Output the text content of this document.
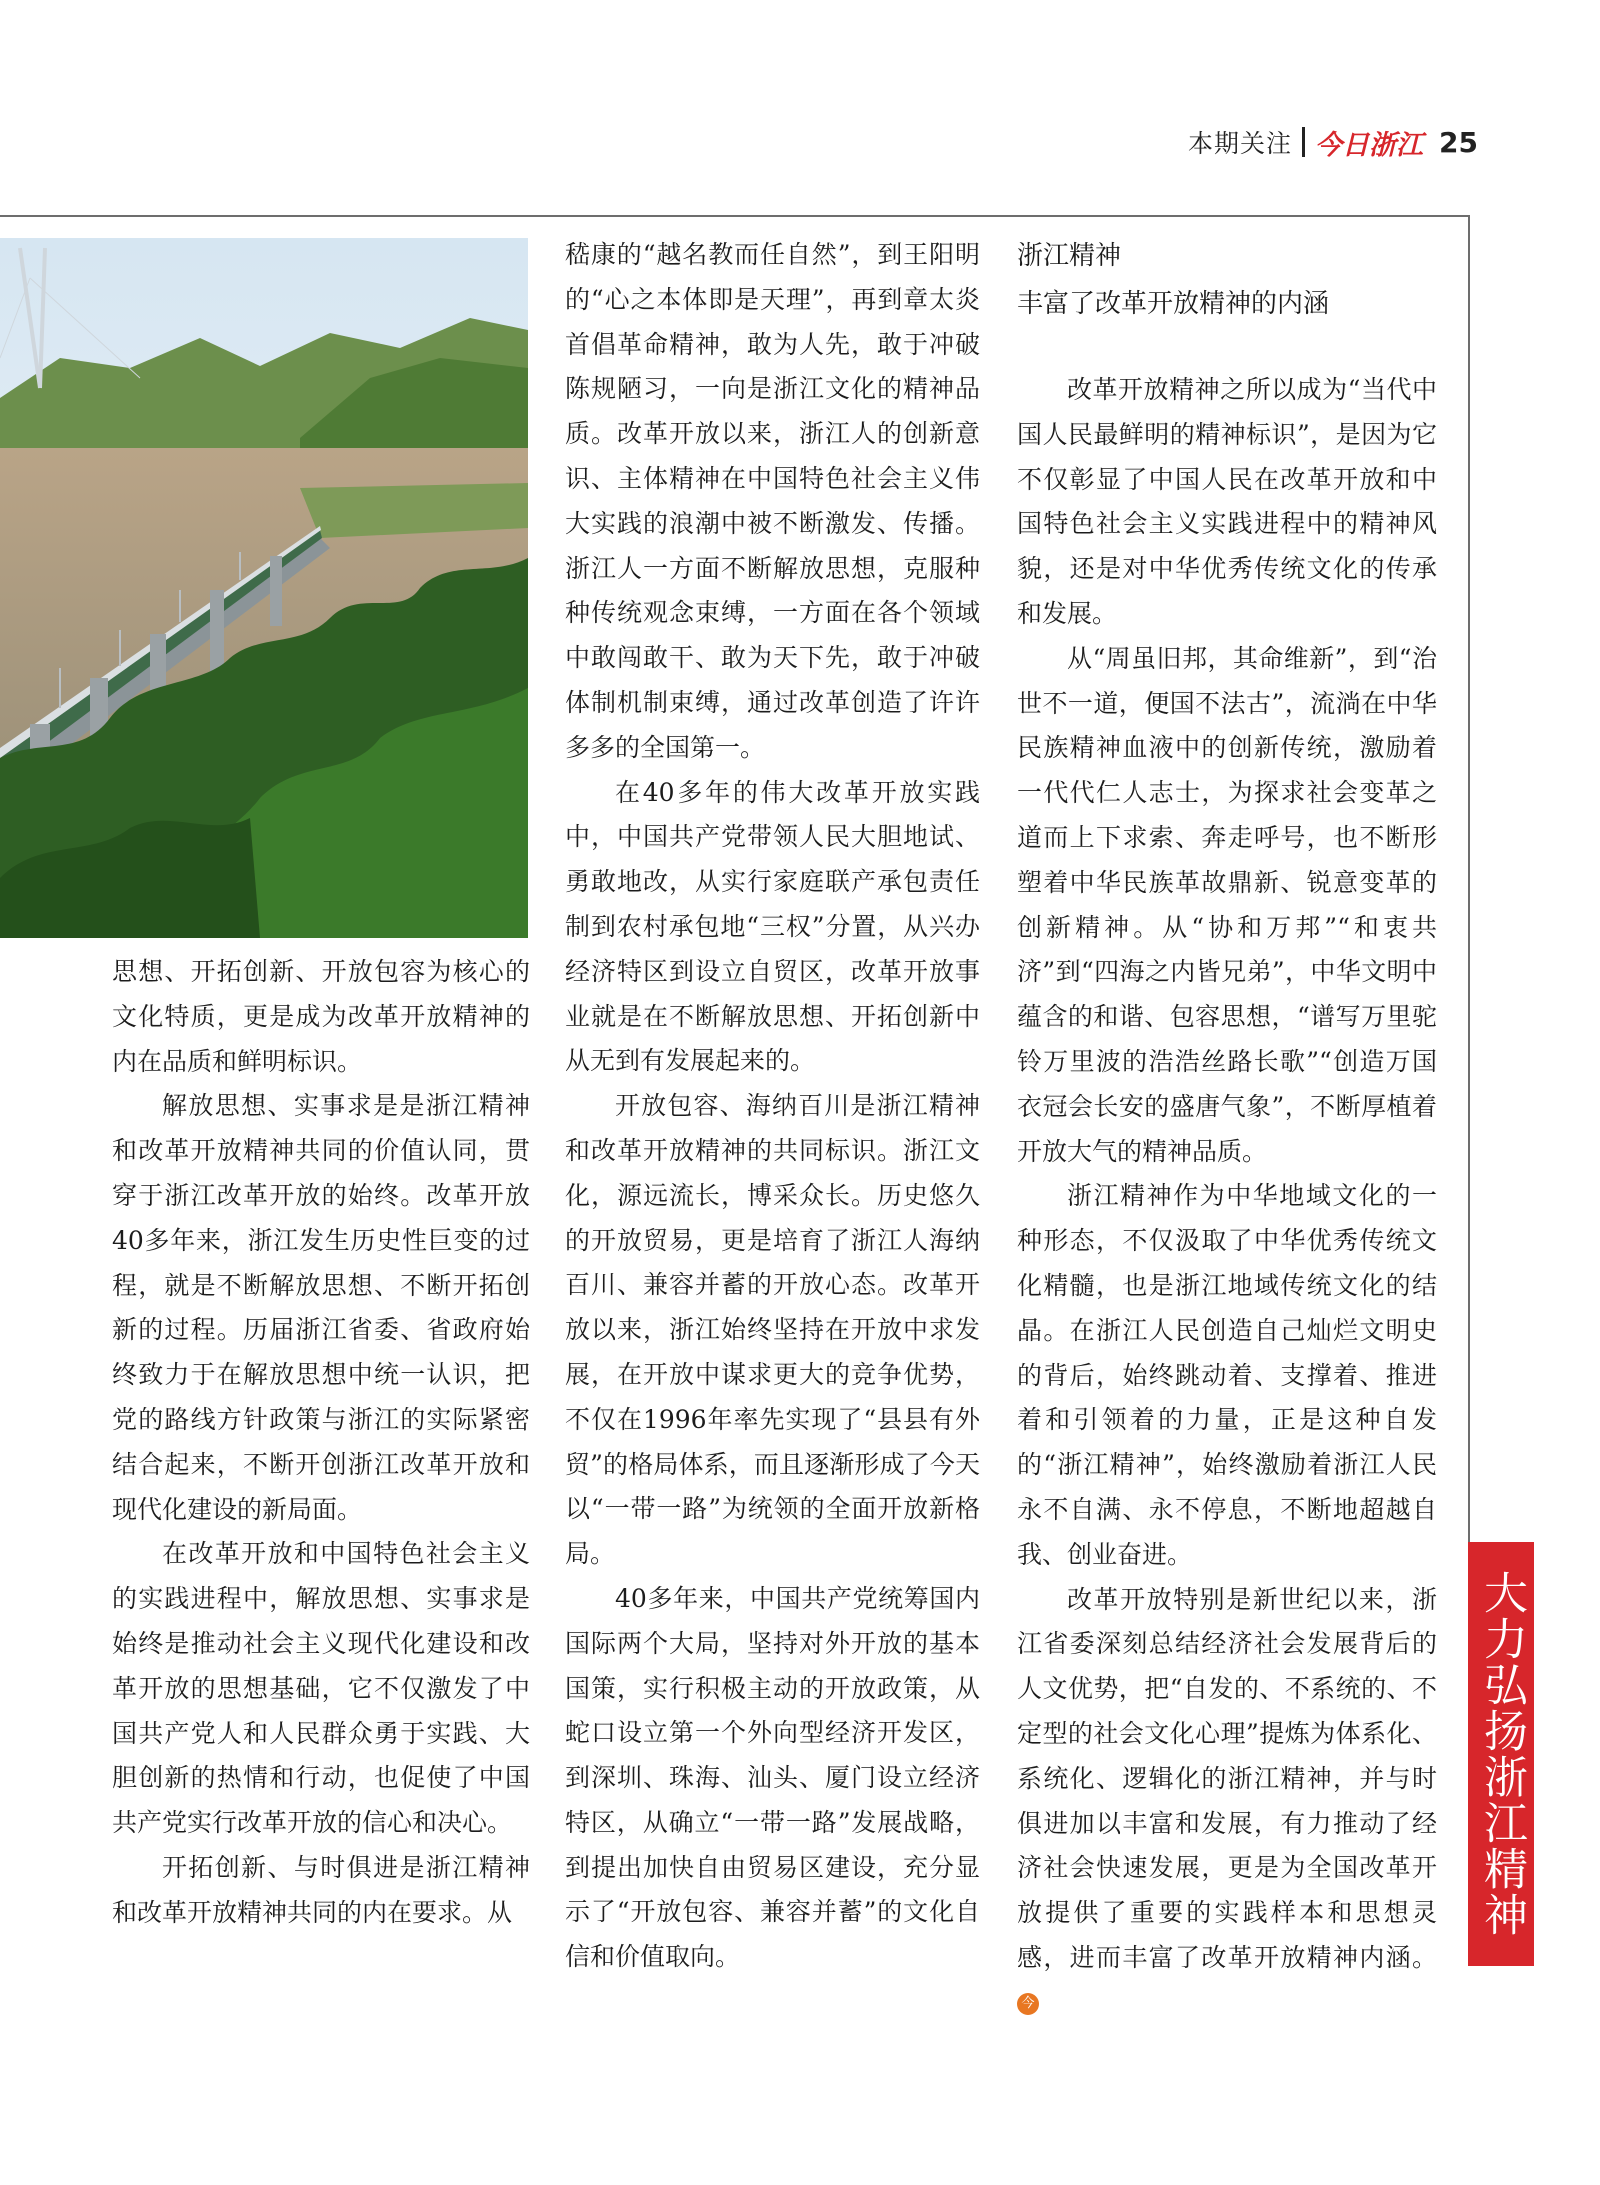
本期关注 今日浙江 25

思想、开拓创新、开放包容为核心的文化特质，更是成为改革开放精神的内在品质和鲜明标识。

解放思想、实事求是是浙江精神和改革开放精神共同的价值认同，贯穿于浙江改革开放的始终。改革开放40多年来，浙江发生历史性巨变的过程，就是不断解放思想、不断开拓创新的过程。历届浙江省委、省政府始终致力于在解放思想中统一认识，把党的路线方针政策与浙江的实际紧密结合起来，不断开创浙江改革开放和现代化建设的新局面。

在改革开放和中国特色社会主义的实践进程中，解放思想、实事求是始终是推动社会主义现代化建设和改革开放的思想基础，它不仅激发了中国共产党人和人民群众勇于实践、大胆创新的热情和行动，也促使了中国共产党实行改革开放的信心和决心。

开拓创新、与时俱进是浙江精神和改革开放精神共同的内在要求。从

嵇康的“越名教而任自然”，到王阳明的“心之本体即是天理”，再到章太炎首倡革命精神，敢为人先，敢于冲破陈规陋习，一向是浙江文化的精神品质。改革开放以来，浙江人的创新意识、主体精神在中国特色社会主义伟大实践的浪潮中被不断激发、传播。浙江人一方面不断解放思想，克服种种传统观念束缚，一方面在各个领域中敢闯敢干、敢为天下先，敢于冲破体制机制束缚，通过改革创造了许许多多的全国第一。

在40多年的伟大改革开放实践中，中国共产党带领人民大胆地试、勇敢地改，从实行家庭联产承包责任制到农村承包地“三权”分置，从兴办经济特区到设立自贸区，改革开放事业就是在不断解放思想、开拓创新中从无到有发展起来的。

开放包容、海纳百川是浙江精神和改革开放精神的共同标识。浙江文化，源远流长，博采众长。历史悠久的开放贸易，更是培育了浙江人海纳百川、兼容并蓄的开放心态。改革开放以来，浙江始终坚持在开放中求发展，在开放中谋求更大的竞争优势，不仅在1996年率先实现了“县县有外贸”的格局体系，而且逐渐形成了今天以“一带一路”为统领的全面开放新格局。

40多年来，中国共产党统筹国内国际两个大局，坚持对外开放的基本国策，实行积极主动的开放政策，从蛇口设立第一个外向型经济开发区，到深圳、珠海、汕头、厦门设立经济特区，从确立“一带一路”发展战略，到提出加快自由贸易区建设，充分显示了“开放包容、兼容并蓄”的文化自信和价值取向。

浙江精神
丰富了改革开放精神的内涵

改革开放精神之所以成为“当代中国人民最鲜明的精神标识”，是因为它不仅彰显了中国人民在改革开放和中国特色社会主义实践进程中的精神风貌，还是对中华优秀传统文化的传承和发展。

从“周虽旧邦，其命维新”，到“治世不一道，便国不法古”，流淌在中华民族精神血液中的创新传统，激励着一代代仁人志士，为探求社会变革之道而上下求索、奔走呼号，也不断形塑着中华民族革故鼎新、锐意变革的创新精神。从“协和万邦”“和衷共济”到“四海之内皆兄弟”，中华文明中蕴含的和谐、包容思想，“谱写万里驼铃万里波的浩浩丝路长歌”“创造万国衣冠会长安的盛唐气象”，不断厚植着开放大气的精神品质。

浙江精神作为中华地域文化的一种形态，不仅汲取了中华优秀传统文化精髓，也是浙江地域传统文化的结晶。在浙江人民创造自己灿烂文明史的背后，始终跳动着、支撑着、推进着和引领着的力量，正是这种自发的“浙江精神”，始终激励着浙江人民永不自满、永不停息，不断地超越自我、创业奋进。

改革开放特别是新世纪以来，浙江省委深刻总结经济社会发展背后的人文优势，把“自发的、不系统的、不定型的社会文化心理”提炼为体系化、系统化、逻辑化的浙江精神，并与时俱进加以丰富和发展，有力推动了经济社会快速发展，更是为全国改革开放提供了重要的实践样本和思想灵感，进而丰富了改革开放精神内涵。今

大力弘扬浙江精神
